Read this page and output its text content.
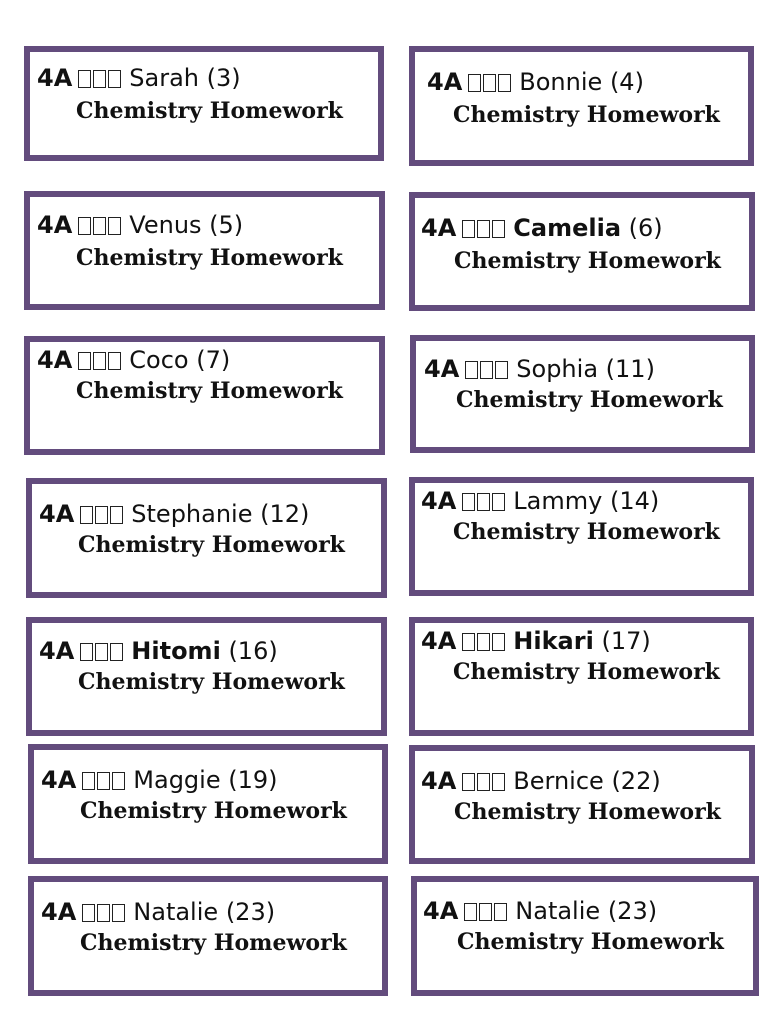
4A Sarah (3)
Chemistry Homework
4A Bonnie (4)
Chemistry Homework
4A Venus (5)
Chemistry Homework
4A Camelia (6)
Chemistry Homework
4A Coco (7)
Chemistry Homework
4A Sophia (11)
Chemistry Homework
4A Stephanie (12)
Chemistry Homework
4A Lammy (14)
Chemistry Homework
4A Hitomi (16)
Chemistry Homework
4A Hikari (17)
Chemistry Homework
4A Maggie (19)
Chemistry Homework
4A Bernice (22)
Chemistry Homework
4A Natalie (23)
Chemistry Homework
4A Natalie (23)
Chemistry Homework
